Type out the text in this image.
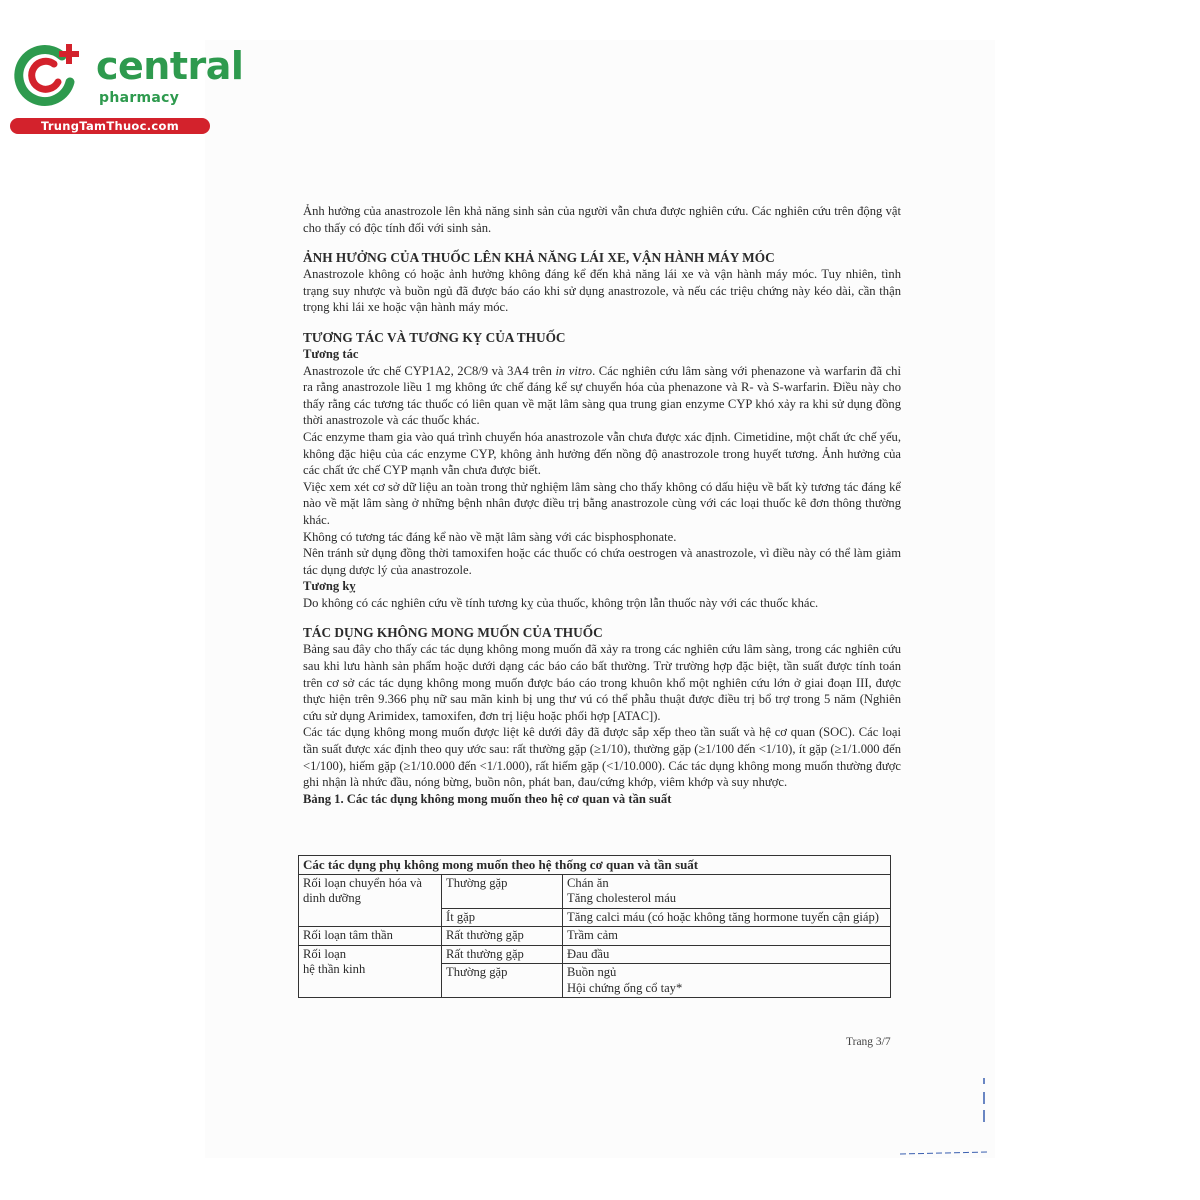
central
pharmacy
TrungTamThuoc.com

Ảnh hưởng của anastrozole lên khả năng sinh sản của người vẫn chưa được nghiên cứu. Các nghiên cứu trên động vật cho thấy có độc tính đối với sinh sản.

ẢNH HƯỞNG CỦA THUỐC LÊN KHẢ NĂNG LÁI XE, VẬN HÀNH MÁY MÓC

Anastrozole không có hoặc ảnh hưởng không đáng kể đến khả năng lái xe và vận hành máy móc. Tuy nhiên, tình trạng suy nhược và buồn ngủ đã được báo cáo khi sử dụng anastrozole, và nếu các triệu chứng này kéo dài, cần thận trọng khi lái xe hoặc vận hành máy móc.

TƯƠNG TÁC VÀ TƯƠNG KỴ CỦA THUỐC

Tương tác

Anastrozole ức chế CYP1A2, 2C8/9 và 3A4 trên in vitro. Các nghiên cứu lâm sàng với phenazone và warfarin đã chỉ ra rằng anastrozole liều 1 mg không ức chế đáng kể sự chuyển hóa của phenazone và R- và S-warfarin. Điều này cho thấy rằng các tương tác thuốc có liên quan về mặt lâm sàng qua trung gian enzyme CYP khó xảy ra khi sử dụng đồng thời anastrozole và các thuốc khác.

Các enzyme tham gia vào quá trình chuyển hóa anastrozole vẫn chưa được xác định. Cimetidine, một chất ức chế yếu, không đặc hiệu của các enzyme CYP, không ảnh hưởng đến nồng độ anastrozole trong huyết tương. Ảnh hưởng của các chất ức chế CYP mạnh vẫn chưa được biết.

Việc xem xét cơ sở dữ liệu an toàn trong thử nghiệm lâm sàng cho thấy không có dấu hiệu về bất kỳ tương tác đáng kể nào về mặt lâm sàng ở những bệnh nhân được điều trị bằng anastrozole cùng với các loại thuốc kê đơn thông thường khác.

Không có tương tác đáng kể nào về mặt lâm sàng với các bisphosphonate.

Nên tránh sử dụng đồng thời tamoxifen hoặc các thuốc có chứa oestrogen và anastrozole, vì điều này có thể làm giảm tác dụng dược lý của anastrozole.

Tương kỵ

Do không có các nghiên cứu về tính tương kỵ của thuốc, không trộn lẫn thuốc này với các thuốc khác.

TÁC DỤNG KHÔNG MONG MUỐN CỦA THUỐC

Bảng sau đây cho thấy các tác dụng không mong muốn đã xảy ra trong các nghiên cứu lâm sàng, trong các nghiên cứu sau khi lưu hành sản phẩm hoặc dưới dạng các báo cáo bất thường. Trừ trường hợp đặc biệt, tần suất được tính toán trên cơ sở các tác dụng không mong muốn được báo cáo trong khuôn khổ một nghiên cứu lớn ở giai đoạn III, được thực hiện trên 9.366 phụ nữ sau mãn kinh bị ung thư vú có thể phẫu thuật được điều trị bổ trợ trong 5 năm (Nghiên cứu sử dụng Arimidex, tamoxifen, đơn trị liệu hoặc phối hợp [ATAC]).

Các tác dụng không mong muốn được liệt kê dưới đây đã được sắp xếp theo tần suất và hệ cơ quan (SOC). Các loại tần suất được xác định theo quy ước sau: rất thường gặp (≥1/10), thường gặp (≥1/100 đến <1/10), ít gặp (≥1/1.000 đến <1/100), hiếm gặp (≥1/10.000 đến <1/1.000), rất hiếm gặp (<1/10.000). Các tác dụng không mong muốn thường được ghi nhận là nhức đầu, nóng bừng, buồn nôn, phát ban, đau/cứng khớp, viêm khớp và suy nhược.

Bảng 1. Các tác dụng không mong muốn theo hệ cơ quan và tần suất

Các tác dụng phụ không mong muốn theo hệ thống cơ quan và tần suất		
Rối loạn chuyển hóa và dinh dưỡng	Thường gặp	Chán ăn
Tăng cholesterol máu
	Ít gặp	Tăng calci máu (có hoặc không tăng hormone tuyến cận giáp)
Rối loạn tâm thần	Rất thường gặp	Trầm cảm
Rối loạn
hệ thần kinh	Rất thường gặp	Đau đầu
	Thường gặp	Buồn ngủ
Hội chứng ống cổ tay*
Trang 3/7
